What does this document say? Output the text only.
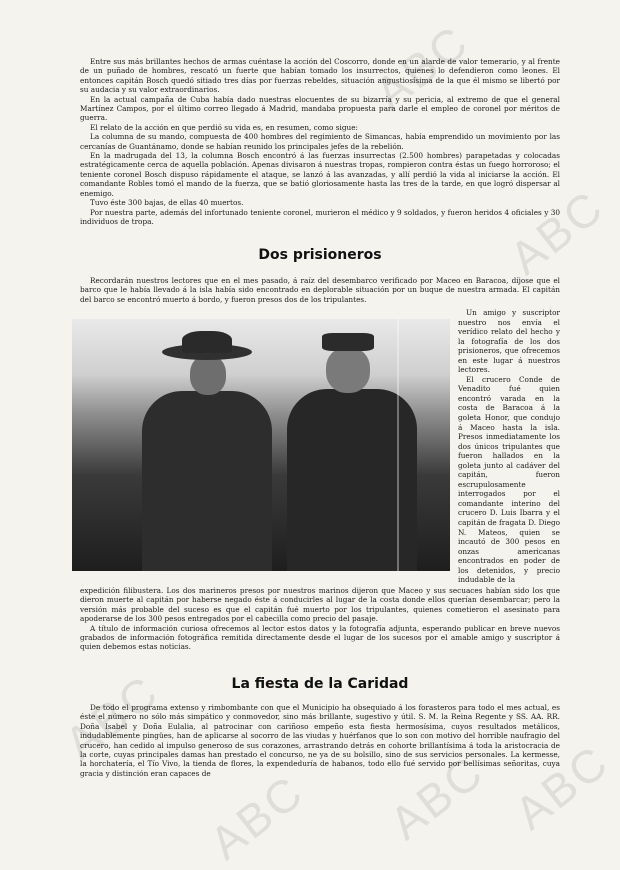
ABC
ABC
ABC
ABC ABC ABC

Entre sus más brillantes hechos de armas cuéntase la acción del Coscorro, donde en un alarde de valor temerario, y al frente de un puñado de hombres, rescató un fuerte que habían tomado los insurrectos, quienes lo defendieron como leones. El entonces capitán Bosch quedó sitiado tres días por fuerzas rebeldes, situación angustiosísima de la que él mismo se libertó por su audacia y su valor extraordinarios.

En la actual campaña de Cuba había dado nuestras elocuentes de su bizarría y su pericia, al extremo de que el general Martínez Campos, por el último correo llegado á Madrid, mandaba propuesta para darle el empleo de coronel por méritos de guerra.

El relato de la acción en que perdió su vida es, en resumen, como sigue:

La columna de su mando, compuesta de 400 hombres del regimiento de Simancas, había emprendido un movimiento por las cercanías de Guantánamo, donde se habían reunido los principales jefes de la rebelión.

En la madrugada del 13, la columna Bosch encontró á las fuerzas insurrectas (2.500 hombres) parapetadas y colocadas estratégicamente cerca de aquella población. Apenas divisaron á nuestras tropas, rompieron contra éstas un fuego horroroso; el teniente coronel Bosch dispuso rápidamente el ataque, se lanzó á las avanzadas, y allí perdió la vida al iniciarse la acción. El comandante Robles tomó el mando de la fuerza, que se batió gloriosamente hasta las tres de la tarde, en que logró dispersar al enemigo.

Tuvo éste 300 bajas, de ellas 40 muertos.

Por nuestra parte, además del infortunado teniente coronel, murieron el médico y 9 soldados, y fueron heridos 4 oficiales y 30 individuos de tropa.

Dos prisioneros

Recordarán nuestros lectores que en el mes pasado, á raíz del desembarco verificado por Maceo en Baracoa, díjose que el barco que le había llevado á la isla había sido encontrado en deplorable situación por un buque de nuestra armada. El capitán del barco se encontró muerto á bordo, y fueron presos dos de los tripulantes.

Un amigo y suscriptor nuestro nos envía el verídico relato del hecho y la fotografía de los dos prisioneros, que ofrecemos en este lugar á nuestros lectores.

El crucero Conde de Venadito fué quien encontró varada en la costa de Baracoa á la goleta Honor, que condujo á Maceo hasta la isla. Presos inmediatamente los dos únicos tripulantes que fueron hallados en la goleta junto al cadáver del capitán, fueron escrupulosamente interrogados por el comandante interino del crucero D. Luis Ibarra y el capitán de fragata D. Diego N. Mateos, quien se incautó de 300 pesos en onzas americanas encontrados en poder de los detenidos, y precio indudable de la

expedición filibustera. Los dos marineros presos por nuestros marinos dijeron que Maceo y sus secuaces habían sido los que dieron muerte al capitán por haberse negado éste á conducirles al lugar de la costa donde ellos querían desembarcar; pero la versión más probable del suceso es que el capitán fué muerto por los tripulantes, quienes cometieron el asesinato para apoderarse de los 300 pesos entregados por el cabecilla como precio del pasaje.

A título de información curiosa ofrecemos al lector estos datos y la fotografía adjunta, esperando publicar en breve nuevos grabados de información fotográfica remitida directamente desde el lugar de los sucesos por el amable amigo y suscriptor á quien debemos estas noticias.

La fiesta de la Caridad

De todo el programa extenso y rimbombante con que el Municipio ha obsequiado á los forasteros para todo el mes actual, es éste el número no sólo más simpático y conmovedor, sino más brillante, sugestivo y útil. S. M. la Reina Regente y SS. AA. RR. Doña Isabel y Doña Eulalia, al patrocinar con cariñoso empeño esta fiesta hermosísima, cuyos resultados metálicos, indudablemente pingües, han de aplicarse al socorro de las viudas y huérfanos que lo son con motivo del horrible naufragio del crucero, han cedido al impulso generoso de sus corazones, arrastrando detrás en cohorte brillantísima á toda la aristocracia de la corte, cuyas principales damas han prestado el concurso, ne ya de su bolsillo, sino de sus servicios personales. La kermesse, la horchatería, el Tío Vivo, la tienda de flores, la expendeduría de habanos, todo ello fué servido por bellísimas señoritas, cuya gracia y distinción eran capaces de
